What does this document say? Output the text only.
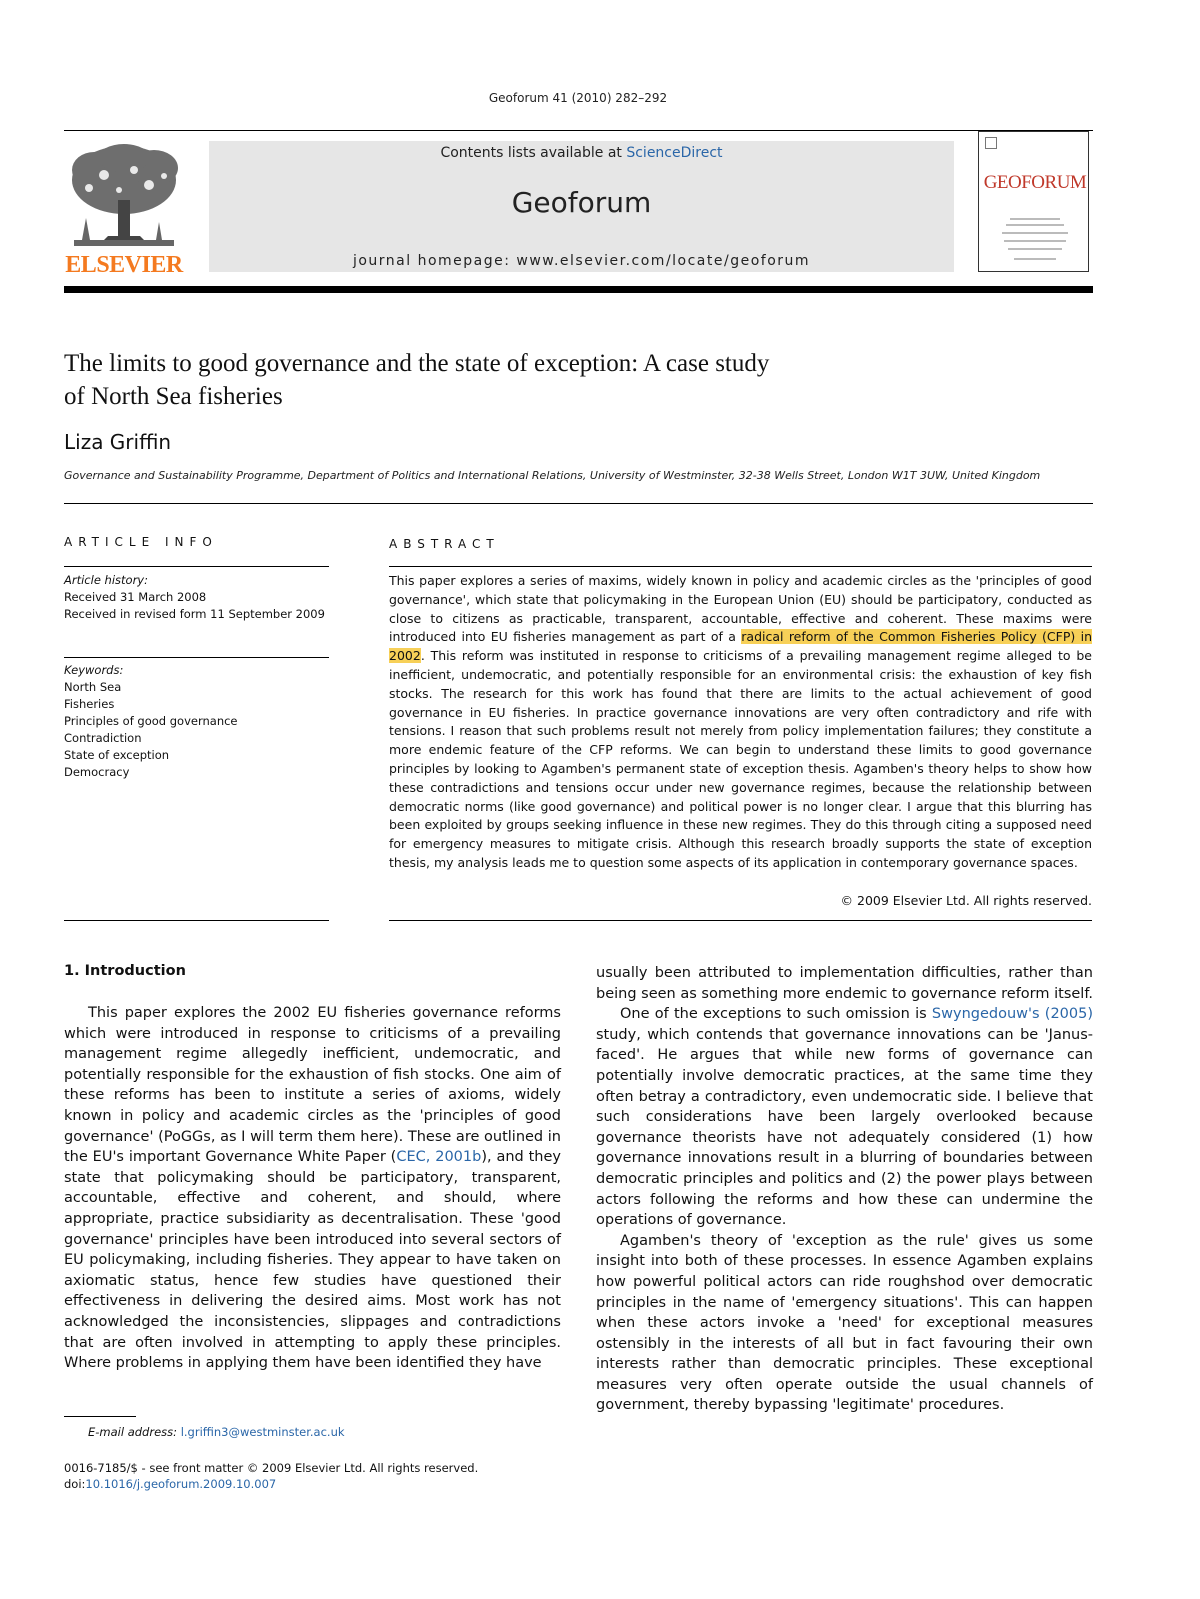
Geoforum 41 (2010) 282–292
ELSEVIER
Contents lists available at ScienceDirect
Geoforum
journal homepage: www.elsevier.com/locate/geoforum
GEOFORUM
The limits to good governance and the state of exception: A case study
of North Sea fisheries
Liza Griffin
Governance and Sustainability Programme, Department of Politics and International Relations, University of Westminster, 32-38 Wells Street, London W1T 3UW, United Kingdom
ARTICLE INFO
Article history:
Received 31 March 2008
Received in revised form 11 September 2009
Keywords:
North Sea
Fisheries
Principles of good governance
Contradiction
State of exception
Democracy
ABSTRACT
This paper explores a series of maxims, widely known in policy and academic circles as the 'principles of good governance', which state that policymaking in the European Union (EU) should be participatory, conducted as close to citizens as practicable, transparent, accountable, effective and coherent. These maxims were introduced into EU fisheries management as part of a radical reform of the Common Fisheries Policy (CFP) in 2002. This reform was instituted in response to criticisms of a prevailing management regime alleged to be inefficient, undemocratic, and potentially responsible for an environmental crisis: the exhaustion of key fish stocks. The research for this work has found that there are limits to the actual achievement of good governance in EU fisheries. In practice governance innovations are very often contradictory and rife with tensions. I reason that such problems result not merely from policy implementation failures; they constitute a more endemic feature of the CFP reforms. We can begin to understand these limits to good governance principles by looking to Agamben's permanent state of exception thesis. Agamben's theory helps to show how these contradictions and tensions occur under new governance regimes, because the relationship between democratic norms (like good governance) and political power is no longer clear. I argue that this blurring has been exploited by groups seeking influence in these new regimes. They do this through citing a supposed need for emergency measures to mitigate crisis. Although this research broadly supports the state of exception thesis, my analysis leads me to question some aspects of its application in contemporary governance spaces.
© 2009 Elsevier Ltd. All rights reserved.
1. Introduction

This paper explores the 2002 EU fisheries governance reforms which were introduced in response to criticisms of a prevailing management regime allegedly inefficient, undemocratic, and potentially responsible for the exhaustion of fish stocks. One aim of these reforms has been to institute a series of axioms, widely known in policy and academic circles as the 'principles of good governance' (PoGGs, as I will term them here). These are outlined in the EU's important Governance White Paper (CEC, 2001b), and they state that policymaking should be participatory, transparent, accountable, effective and coherent, and should, where appropriate, practice subsidiarity as decentralisation. These 'good governance' principles have been introduced into several sectors of EU policymaking, including fisheries. They appear to have taken on axiomatic status, hence few studies have questioned their effectiveness in delivering the desired aims. Most work has not acknowledged the inconsistencies, slippages and contradictions that are often involved in attempting to apply these principles. Where problems in applying them have been identified they have

usually been attributed to implementation difficulties, rather than being seen as something more endemic to governance reform itself.

One of the exceptions to such omission is Swyngedouw's (2005) study, which contends that governance innovations can be 'Janus-faced'. He argues that while new forms of governance can potentially involve democratic practices, at the same time they often betray a contradictory, even undemocratic side. I believe that such considerations have been largely overlooked because governance theorists have not adequately considered (1) how governance innovations result in a blurring of boundaries between democratic principles and politics and (2) the power plays between actors following the reforms and how these can undermine the operations of governance.

Agamben's theory of 'exception as the rule' gives us some insight into both of these processes. In essence Agamben explains how powerful political actors can ride roughshod over democratic principles in the name of 'emergency situations'. This can happen when these actors invoke a 'need' for exceptional measures ostensibly in the interests of all but in fact favouring their own interests rather than democratic principles. These exceptional measures very often operate outside the usual channels of government, thereby bypassing 'legitimate' procedures.

E-mail address: l.griffin3@westminster.ac.uk
0016-7185/$ - see front matter © 2009 Elsevier Ltd. All rights reserved.
doi:10.1016/j.geoforum.2009.10.007
